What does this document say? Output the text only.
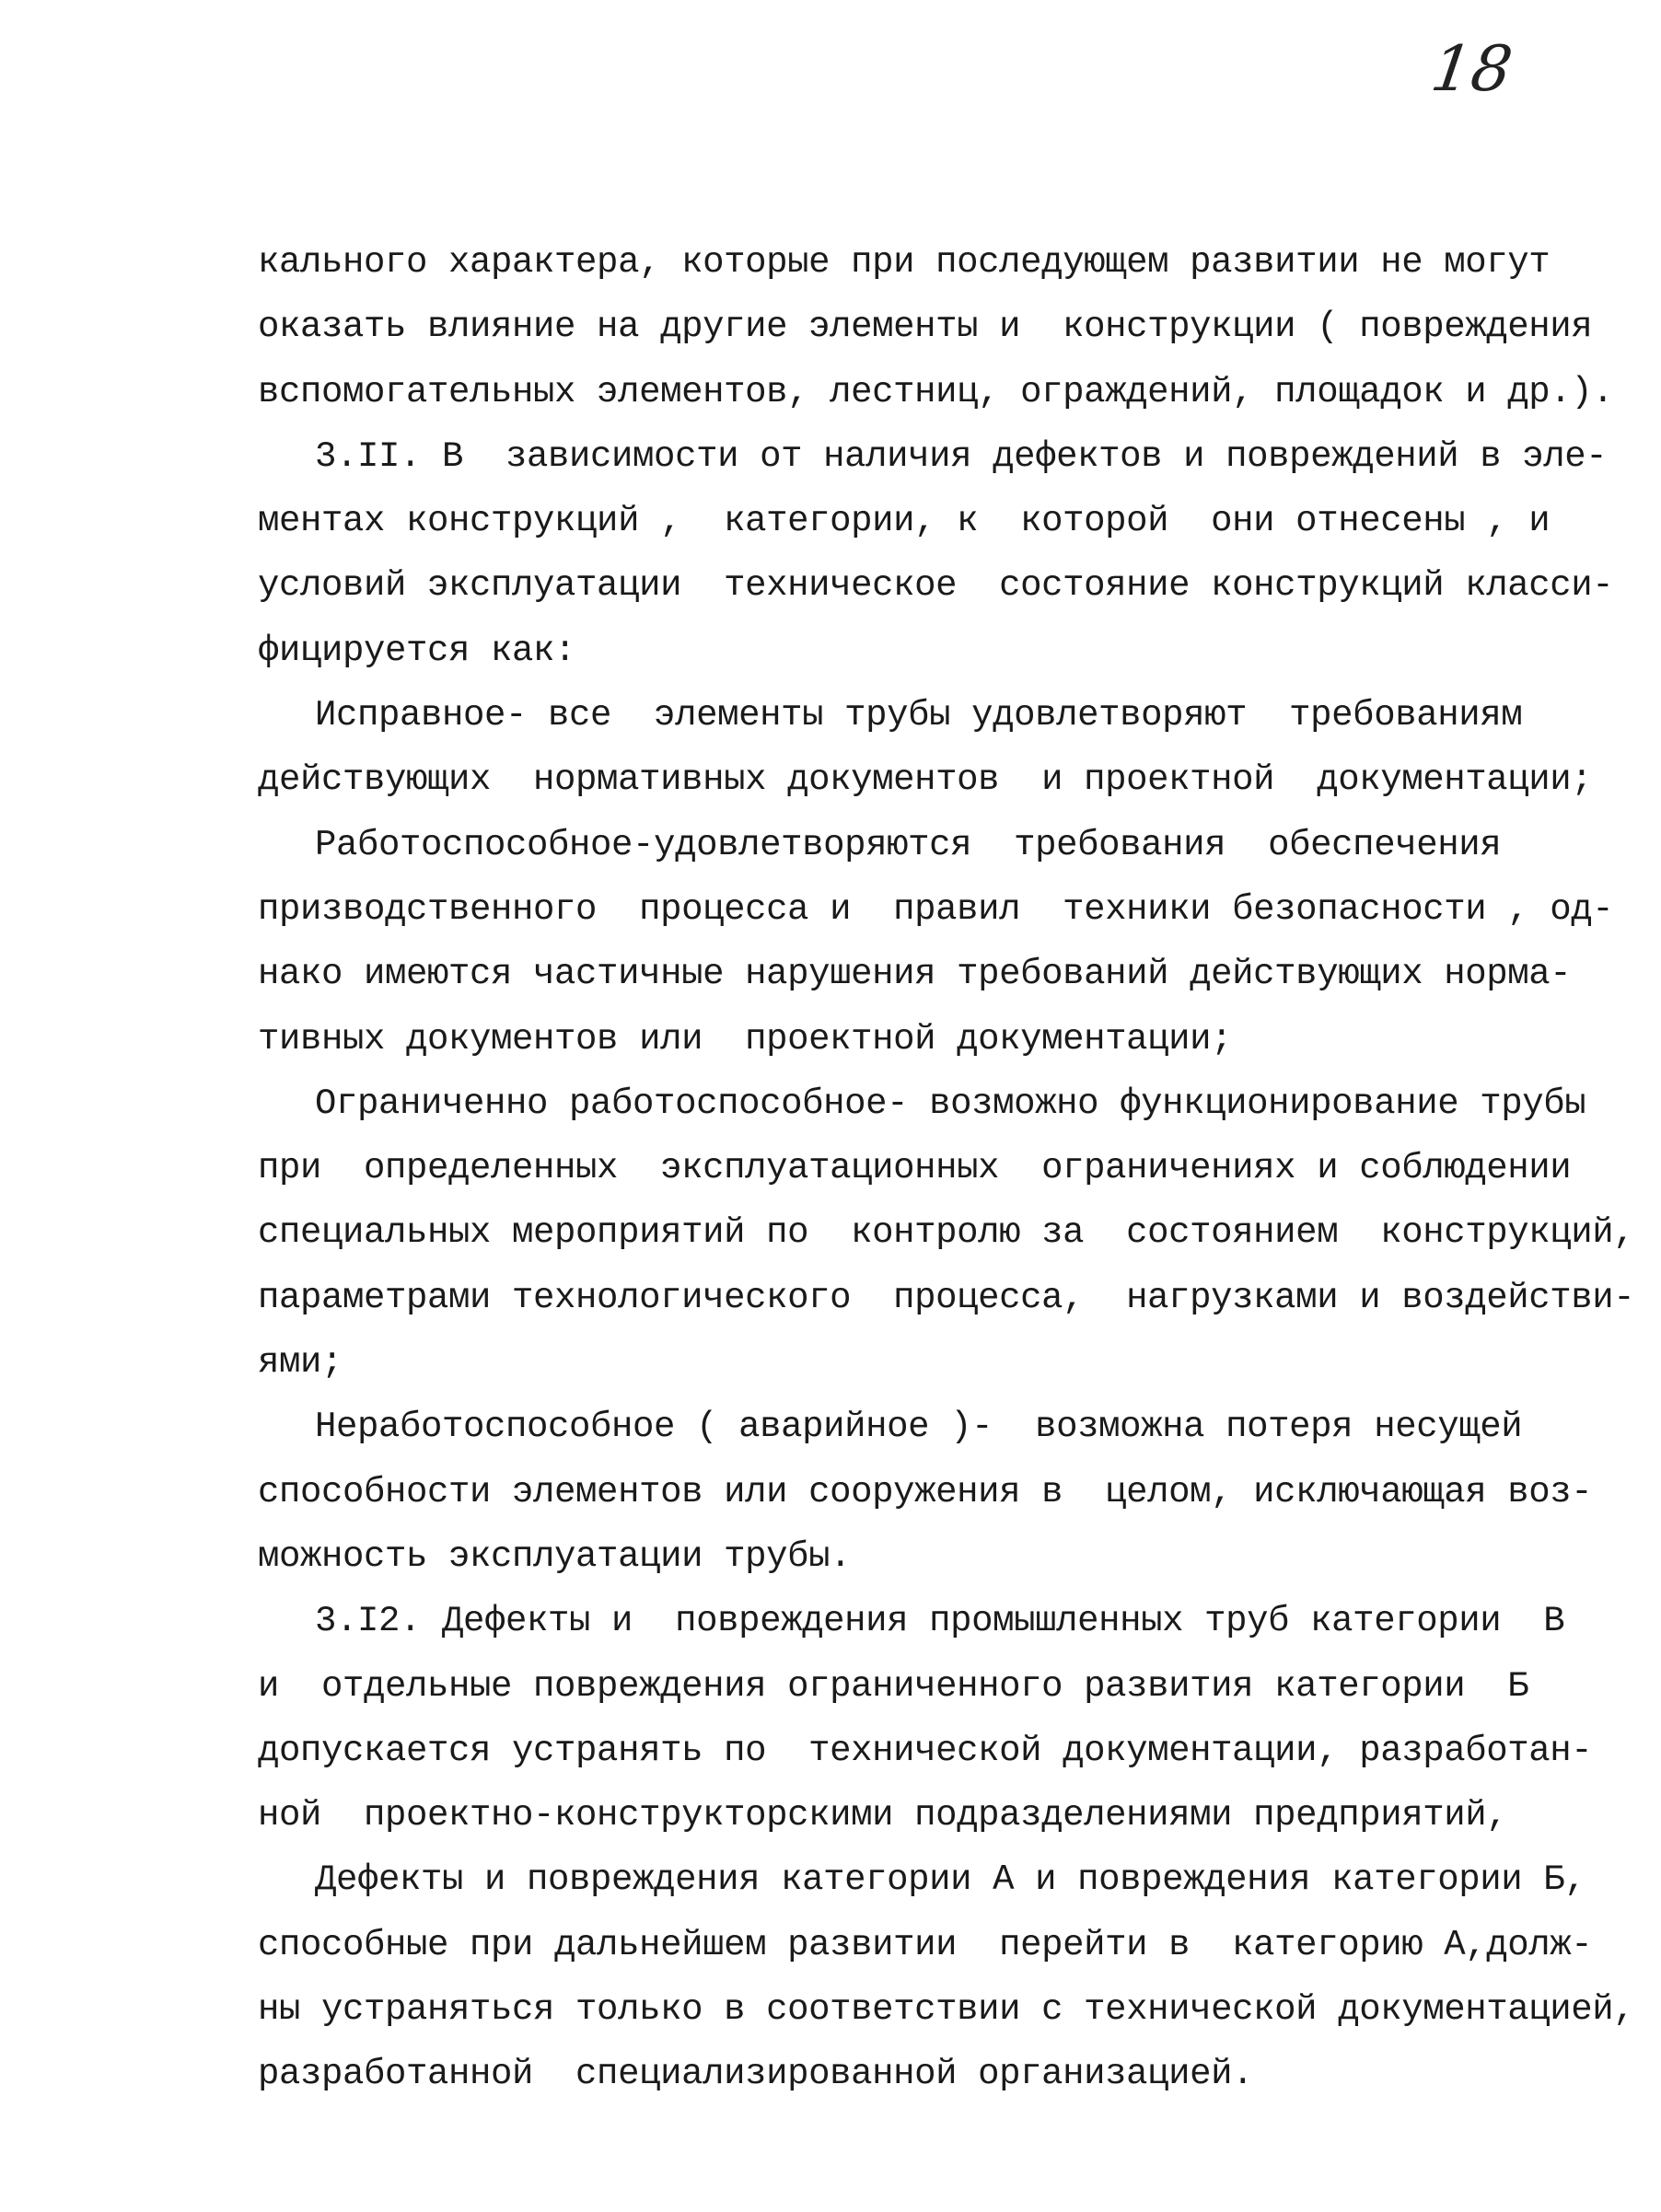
18
кального характера, которые при последующем развитии не могут
оказать влияние на другие элементы и  конструкции ( повреждения
вспомогательных элементов, лестниц, ограждений, площадок и др.).
3.II. В  зависимости от наличия дефектов и повреждений в эле-
ментах конструкций ,  категории, к  которой  они отнесены , и
условий эксплуатации  техническое  состояние конструкций класси-
фицируется как:
Исправное- все  элементы трубы удовлетворяют  требованиям
действующих  нормативных документов  и проектной  документации;
Работоспособное-удовлетворяются  требования  обеспечения
призводственного  процесса и  правил  техники безопасности , од-
нако имеются частичные нарушения требований действующих норма-
тивных документов или  проектной документации;
Ограниченно работоспособное- возможно функционирование трубы
при  определенных  эксплуатационных  ограничениях и соблюдении
специальных мероприятий по  контролю за  состоянием  конструкций,
параметрами технологического  процесса,  нагрузками и воздействи-
ями;
Неработоспособное ( аварийное )-  возможна потеря несущей
способности элементов или сооружения в  целом, исключающая воз-
можность эксплуатации трубы.
3.I2. Дефекты и  повреждения промышленных труб категории  В
и  отдельные повреждения ограниченного развития категории  Б
допускается устранять по  технической документации, разработан-
ной  проектно-конструкторскими подразделениями предприятий,
Дефекты и повреждения категории А и повреждения категории Б,
способные при дальнейшем развитии  перейти в  категорию А,долж-
ны устраняться только в соответствии с технической документацией,
разработанной  специализированной организацией.
